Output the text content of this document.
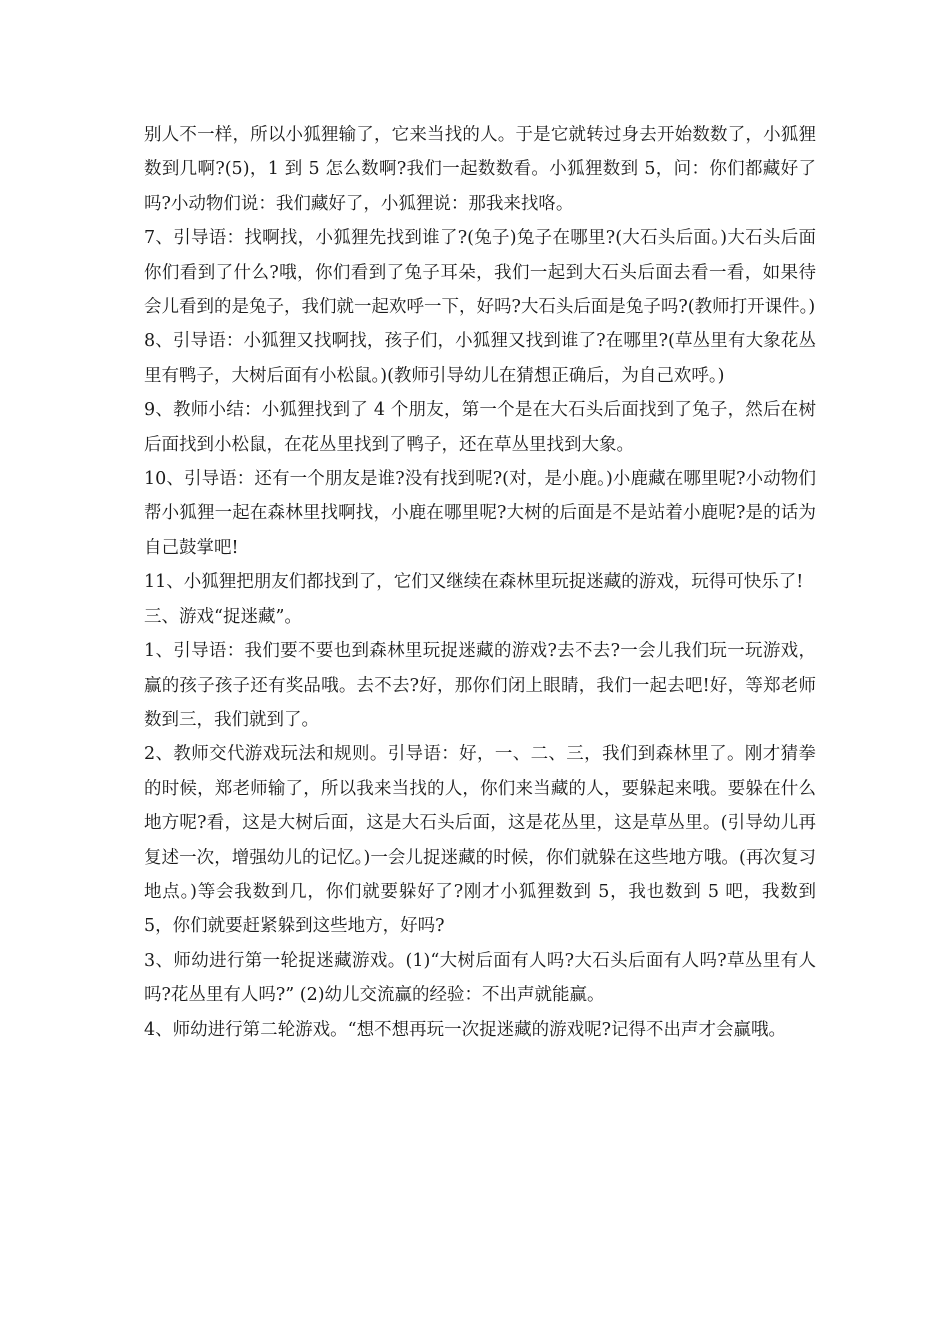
别人不一样，所以小狐狸输了，它来当找的人。于是它就转过身去开始数数了，小狐狸数到几啊?(5)，1 到 5 怎么数啊?我们一起数数看。小狐狸数到 5，问：你们都藏好了吗?小动物们说：我们藏好了，小狐狸说：那我来找咯。

7、引导语：找啊找，小狐狸先找到谁了?(兔子)兔子在哪里?(大石头后面。)大石头后面你们看到了什么?哦，你们看到了兔子耳朵，我们一起到大石头后面去看一看，如果待会儿看到的是兔子，我们就一起欢呼一下，好吗?大石头后面是兔子吗?(教师打开课件。)

8、引导语：小狐狸又找啊找，孩子们，小狐狸又找到谁了?在哪里?(草丛里有大象花丛里有鸭子，大树后面有小松鼠。)(教师引导幼儿在猜想正确后，为自己欢呼。)

9、教师小结：小狐狸找到了 4 个朋友，第一个是在大石头后面找到了兔子，然后在树后面找到小松鼠，在花丛里找到了鸭子，还在草丛里找到大象。

10、引导语：还有一个朋友是谁?没有找到呢?(对，是小鹿。)小鹿藏在哪里呢?小动物们帮小狐狸一起在森林里找啊找，小鹿在哪里呢?大树的后面是不是站着小鹿呢?是的话为自己鼓掌吧!

11、小狐狸把朋友们都找到了，它们又继续在森林里玩捉迷藏的游戏，玩得可快乐了!

三、游戏“捉迷藏”。

1、引导语：我们要不要也到森林里玩捉迷藏的游戏?去不去?一会儿我们玩一玩游戏，赢的孩子孩子还有奖品哦。去不去?好，那你们闭上眼睛，我们一起去吧!好，等郑老师数到三，我们就到了。

2、教师交代游戏玩法和规则。引导语：好，一、二、三，我们到森林里了。刚才猜拳的时候，郑老师输了，所以我来当找的人，你们来当藏的人，要躲起来哦。要躲在什么地方呢?看，这是大树后面，这是大石头后面，这是花丛里，这是草丛里。(引导幼儿再复述一次，增强幼儿的记忆。)一会儿捉迷藏的时候，你们就躲在这些地方哦。(再次复习地点。)等会我数到几，你们就要躲好了?刚才小狐狸数到 5，我也数到 5 吧，我数到 5，你们就要赶紧躲到这些地方，好吗?

3、师幼进行第一轮捉迷藏游戏。(1)“大树后面有人吗?大石头后面有人吗?草丛里有人吗?花丛里有人吗?” (2)幼儿交流赢的经验：不出声就能赢。

4、师幼进行第二轮游戏。“想不想再玩一次捉迷藏的游戏呢?记得不出声才会赢哦。
